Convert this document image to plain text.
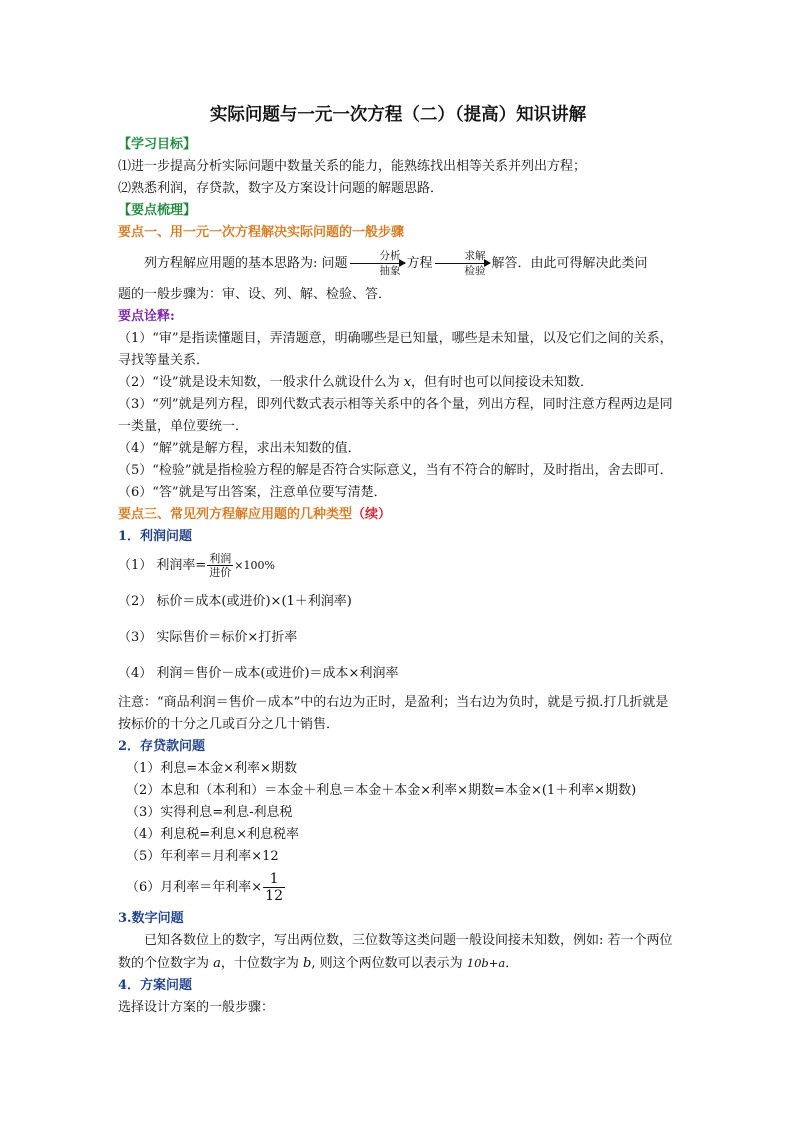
实际问题与一元一次方程（二）（提高）知识讲解
【学习目标】
⑴进一步提高分析实际问题中数量关系的能力，能熟练找出相等关系并列出方程；
⑵熟悉利润，存贷款，数字及方案设计问题的解题思路．
【要点梳理】
要点一、用一元一次方程解决实际问题的一般步骤
列方程解应用题的基本思路为: 问题	分析
抽象 方程	求解
检验 解答．由此可得解决此类问
题的一般步骤为：审、设、列、解、检验、答．
要点诠释:
（1）“审”是指读懂题目，弄清题意，明确哪些是已知量，哪些是未知量，以及它们之间的关系，寻找等量关系．
（2）“设”就是设未知数，一般求什么就设什么为 x，但有时也可以间接设未知数．
（3）“列”就是列方程，即列代数式表示相等关系中的各个量，列出方程，同时注意方程两边是同一类量，单位要统一．
（4）“解”就是解方程，求出未知数的值．
（5）“检验”就是指检验方程的解是否符合实际意义，当有不符合的解时，及时指出，舍去即可．
（6）“答”就是写出答案，注意单位要写清楚．
要点三、常见列方程解应用题的几种类型（续）
1．利润问题
（1） 利润率= $\frac{\text{利润}}{\text{进价}} \times 100\%$
（2） 标价＝成本(或进价)×(1＋利润率)
（3） 实际售价＝标价×打折率
（4） 利润＝售价－成本(或进价)＝成本×利润率
注意：“商品利润＝售价－成本”中的右边为正时，是盈利；当右边为负时，就是亏损.打几折就是按标价的十分之几或百分之几十销售．
2．存贷款问题
（1）利息=本金×利率×期数
（2）本息和（本利和）＝本金＋利息＝本金＋本金×利率×期数=本金×(1＋利率×期数)
（3）实得利息=利息-利息税
（4）利息税=利息×利息税率
（5）年利率＝月利率×12
（6）月利率＝年利率× $\frac{1}{12}$
3.数字问题
已知各数位上的数字，写出两位数，三位数等这类问题一般设间接未知数，例如: 若一个两位数的个位数字为 a，十位数字为 b, 则这个两位数可以表示为 10b+a．
4．方案问题
选择设计方案的一般步骤：
